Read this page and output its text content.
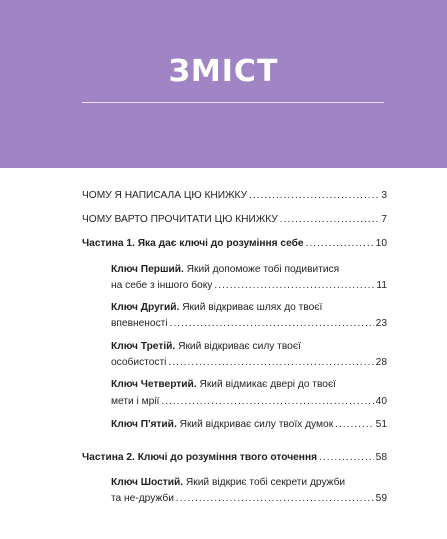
ЗМІСТ
ЧОМУ Я НАПИСАЛА ЦЮ КНИЖКУ .....	3
ЧОМУ ВАРТО ПРОЧИТАТИ ЦЮ КНИЖКУ .....	7
Частина 1. Яка дає ключі до розуміння себе .....	10
Ключ Перший. Який допоможе тобі подивитися
на себе з іншого боку .....	11
Ключ Другий. Який відкриває шлях до твоєї
впевненості .....	23
Ключ Третій. Який відкриває силу твоєї
особистості .....	28
Ключ Четвертий. Який відмикає двері до твоєї
мети і мрії .....	40
Ключ П'ятий. Який відкриває силу твоїх думок .....	51
Частина 2. Ключі до розуміння твого оточення .....	58
Ключ Шостий. Який відкриє тобі секрети дружби
та не-дружби .....	59
